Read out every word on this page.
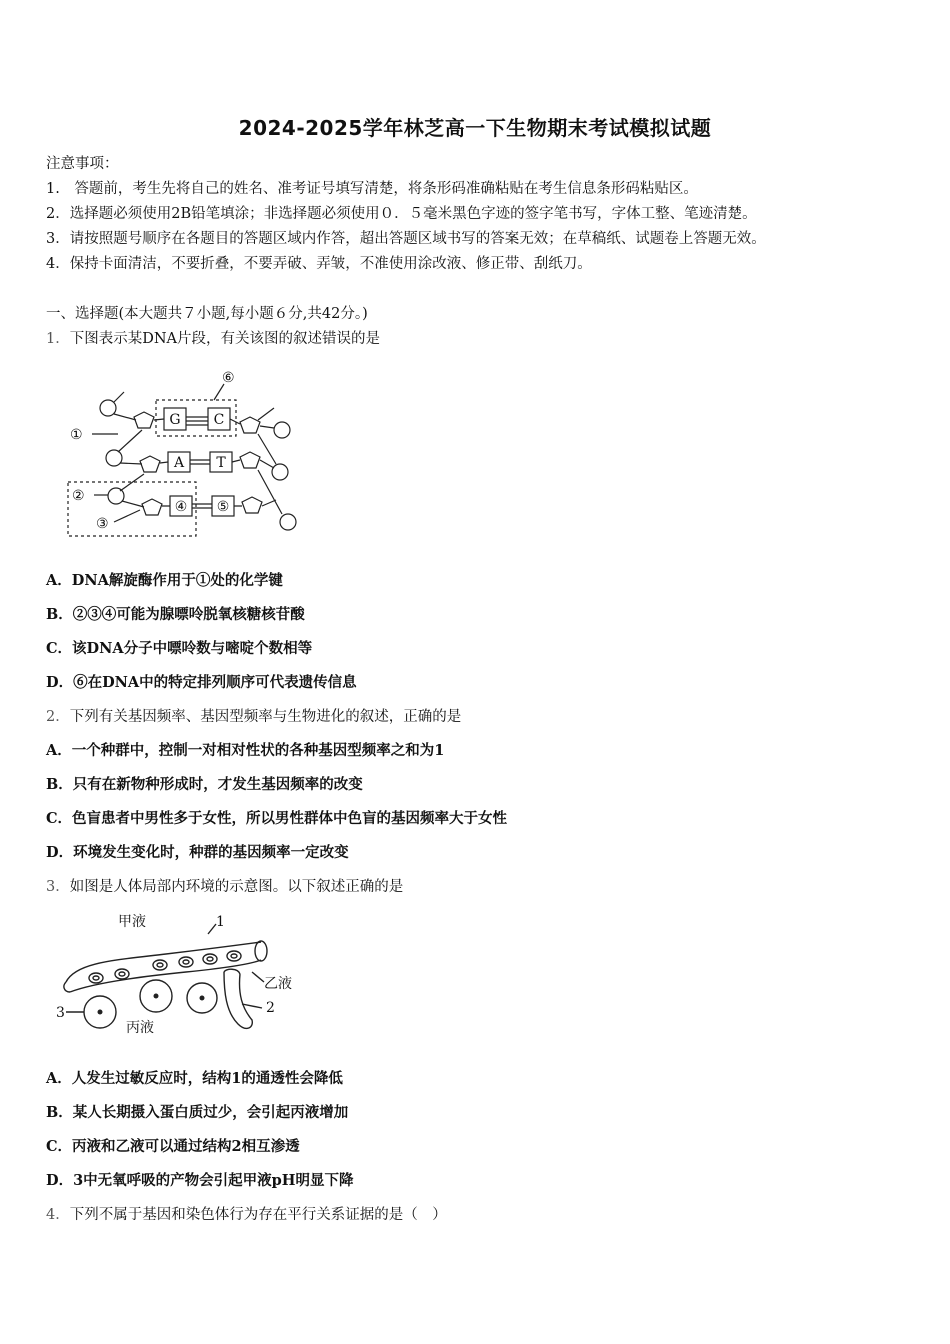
2024-2025学年林芝高一下生物期末考试模拟试题
注意事项：
1.　答题前，考生先将自己的姓名、准考证号填写清楚，将条形码准确粘贴在考生信息条形码粘贴区。
2．选择题必须使用2B铅笔填涂；非选择题必须使用０．５毫米黑色字迹的签字笔书写，字体工整、笔迹清楚。
3．请按照题号顺序在各题目的答题区域内作答，超出答题区域书写的答案无效；在草稿纸、试题卷上答题无效。
4．保持卡面清洁，不要折叠，不要弄破、弄皱，不准使用涂改液、修正带、刮纸刀。
一、选择题(本大题共７小题,每小题６分,共42分。)
1．下图表示某DNA片段，有关该图的叙述错误的是
G C
A T
④ ⑤
①
②
③
⑥
A．DNA解旋酶作用于①处的化学键
B．②③④可能为腺嘌呤脱氧核糖核苷酸
C．该DNA分子中嘌呤数与嘧啶个数相等
D．⑥在DNA中的特定排列顺序可代表遗传信息
2．下列有关基因频率、基因型频率与生物进化的叙述，正确的是
A．一个种群中，控制一对相对性状的各种基因型频率之和为1
B．只有在新物种形成时，才发生基因频率的改变
C．色盲患者中男性多于女性，所以男性群体中色盲的基因频率大于女性
D．环境发生变化时，种群的基因频率一定改变
3．如图是人体局部内环境的示意图。以下叙述正确的是
甲液	1
乙液
2
3
丙液
A．人发生过敏反应时，结构1的通透性会降低
B．某人长期摄入蛋白质过少，会引起丙液增加
C．丙液和乙液可以通过结构2相互渗透
D．3中无氧呼吸的产物会引起甲液pH明显下降
4．下列不属于基因和染色体行为存在平行关系证据的是（　）
